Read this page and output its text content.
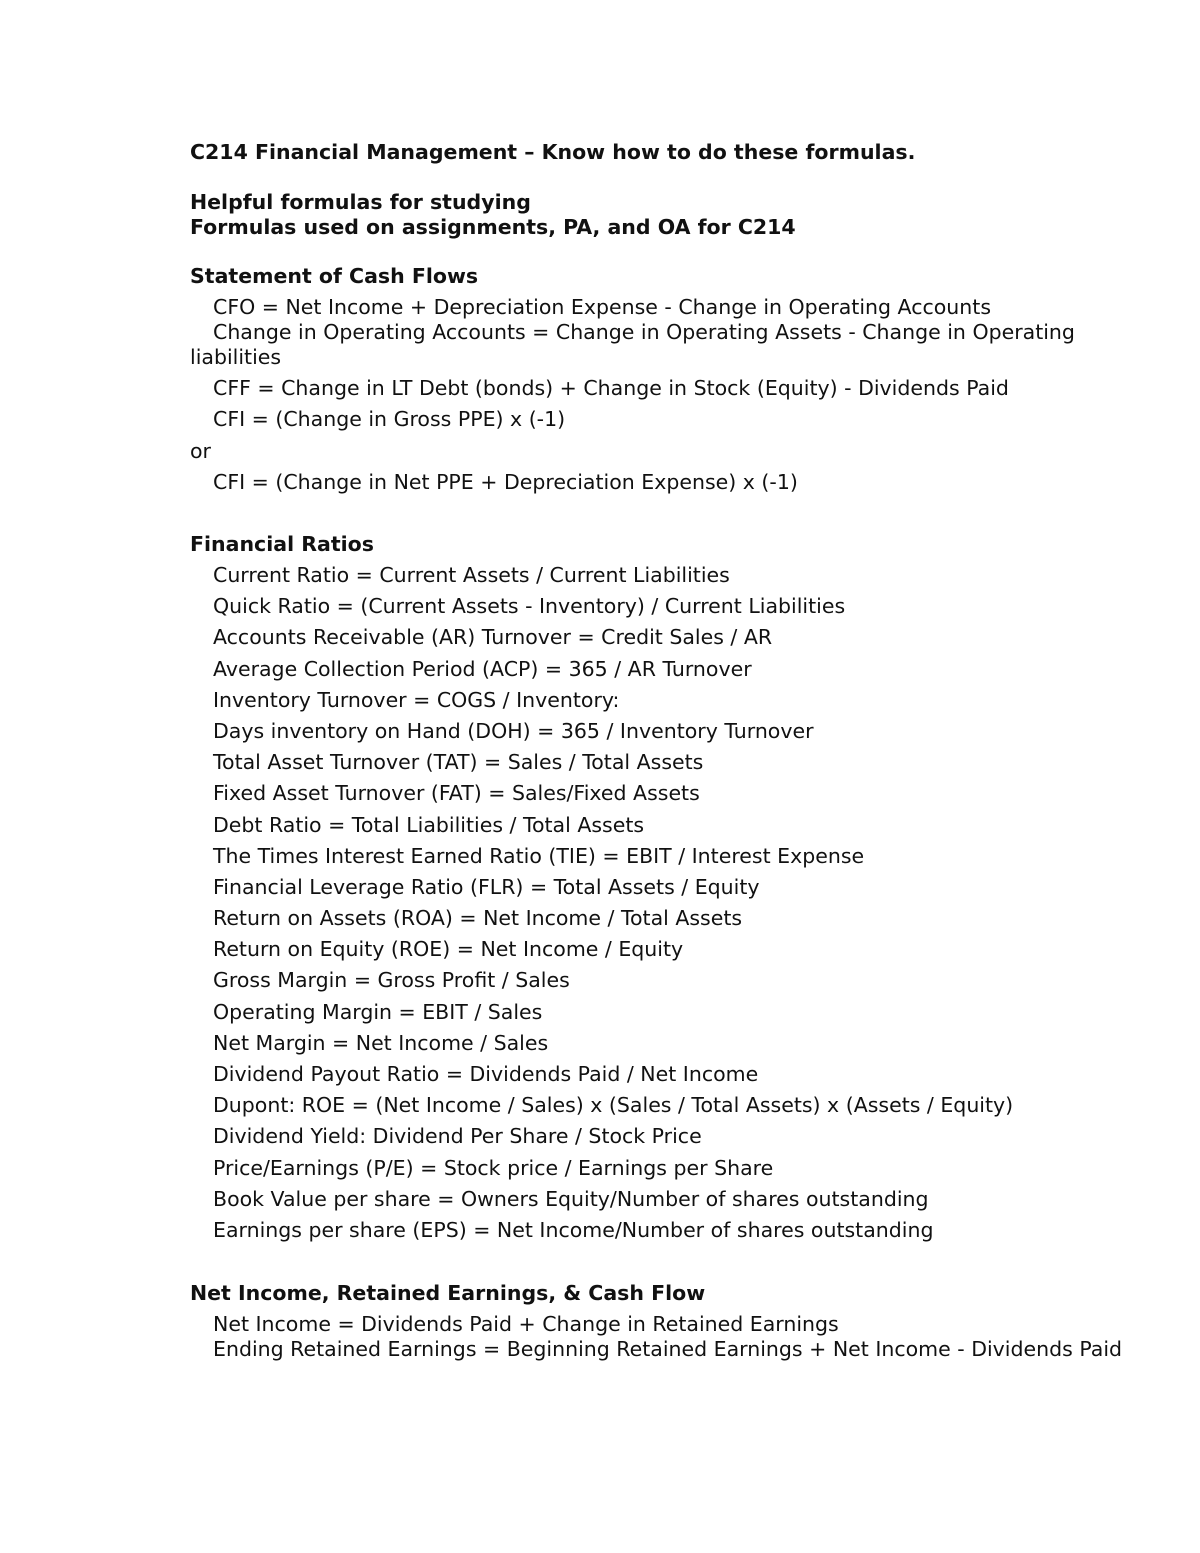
C214 Financial Management – Know how to do these formulas.
Helpful formulas for studying
Formulas used on assignments, PA, and OA for C214
Statement of Cash Flows
CFO = Net Income + Depreciation Expense - Change in Operating Accounts
Change in Operating Accounts = Change in Operating Assets - Change in Operating liabilities
CFF = Change in LT Debt (bonds) + Change in Stock (Equity) - Dividends Paid
CFI = (Change in Gross PPE) x (-1)
or
CFI = (Change in Net PPE + Depreciation Expense) x (-1)
Financial Ratios
Current Ratio = Current Assets / Current Liabilities
Quick Ratio = (Current Assets - Inventory) / Current Liabilities
Accounts Receivable (AR) Turnover = Credit Sales / AR
Average Collection Period (ACP) = 365 / AR Turnover
Inventory Turnover = COGS / Inventory:
Days inventory on Hand (DOH) = 365 / Inventory Turnover
Total Asset Turnover (TAT) = Sales / Total Assets
Fixed Asset Turnover (FAT) = Sales/Fixed Assets
Debt Ratio = Total Liabilities / Total Assets
The Times Interest Earned Ratio (TIE) = EBIT / Interest Expense
Financial Leverage Ratio (FLR) = Total Assets / Equity
Return on Assets (ROA) = Net Income / Total Assets
Return on Equity (ROE) = Net Income / Equity
Gross Margin = Gross Profit / Sales
Operating Margin = EBIT / Sales
Net Margin = Net Income / Sales
Dividend Payout Ratio = Dividends Paid / Net Income
Dupont: ROE = (Net Income / Sales) x (Sales / Total Assets) x (Assets / Equity)
Dividend Yield: Dividend Per Share / Stock Price
Price/Earnings (P/E) = Stock price / Earnings per Share
Book Value per share = Owners Equity/Number of shares outstanding
Earnings per share (EPS) = Net Income/Number of shares outstanding
Net Income, Retained Earnings, & Cash Flow
Net Income = Dividends Paid + Change in Retained Earnings
Ending Retained Earnings = Beginning Retained Earnings + Net Income - Dividends Paid
